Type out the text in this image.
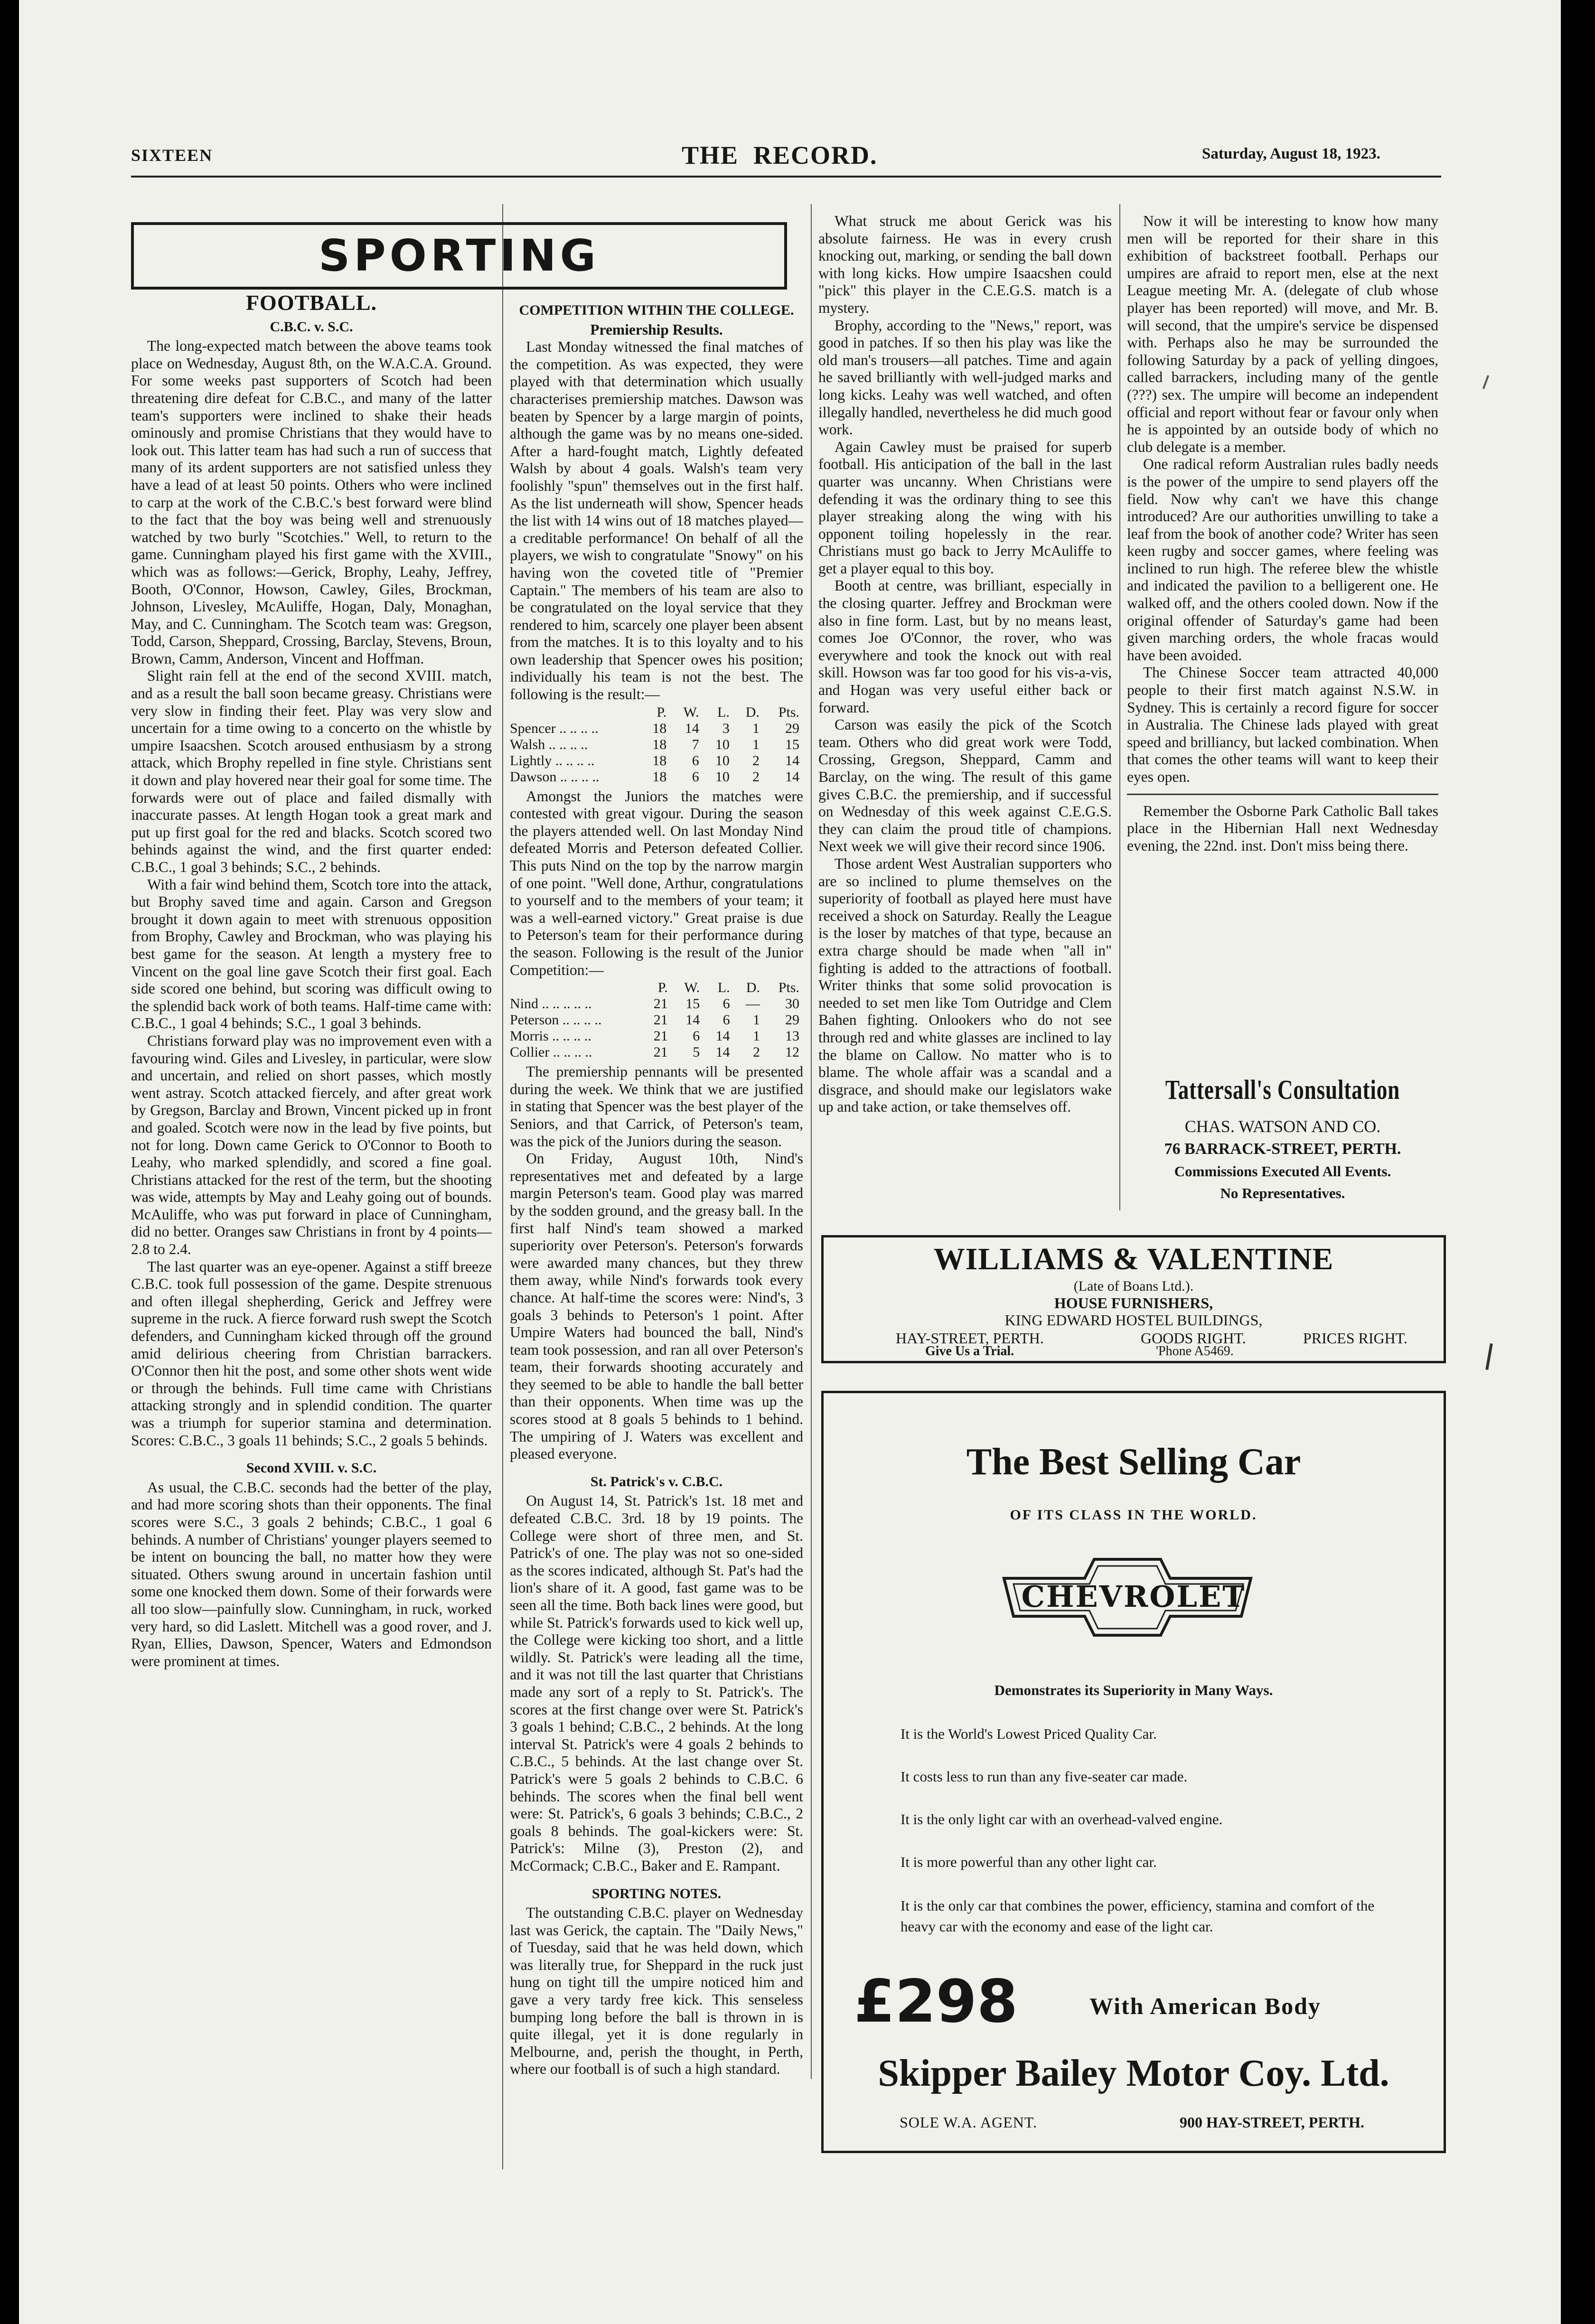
SIXTEEN	THE  RECORD.	Saturday, August 18, 1923.
SPORTING
FOOTBALL.
C.B.C. v. S.C.

The long-expected match between the above teams took place on Wednesday, August 8th, on the W.A.C.A. Ground. For some weeks past supporters of Scotch had been threatening dire defeat for C.B.C., and many of the latter team's supporters were inclined to shake their heads ominously and promise Christians that they would have to look out. This latter team has had such a run of success that many of its ardent supporters are not satisfied unless they have a lead of at least 50 points. Others who were inclined to carp at the work of the C.B.C.'s best forward were blind to the fact that the boy was being well and strenuously watched by two burly "Scotchies." Well, to return to the game. Cunningham played his first game with the XVIII., which was as follows:—Gerick, Brophy, Leahy, Jeffrey, Booth, O'Connor, Howson, Cawley, Giles, Brockman, Johnson, Livesley, McAuliffe, Hogan, Daly, Monaghan, May, and C. Cunningham. The Scotch team was: Gregson, Todd, Carson, Sheppard, Crossing, Barclay, Stevens, Broun, Brown, Camm, Anderson, Vincent and Hoffman.

Slight rain fell at the end of the second XVIII. match, and as a result the ball soon became greasy. Christians were very slow in finding their feet. Play was very slow and uncertain for a time owing to a concerto on the whistle by umpire Isaacshen. Scotch aroused enthusiasm by a strong attack, which Brophy repelled in fine style. Christians sent it down and play hovered near their goal for some time. The forwards were out of place and failed dismally with inaccurate passes. At length Hogan took a great mark and put up first goal for the red and blacks. Scotch scored two behinds against the wind, and the first quarter ended: C.B.C., 1 goal 3 behinds; S.C., 2 behinds.

With a fair wind behind them, Scotch tore into the attack, but Brophy saved time and again. Carson and Gregson brought it down again to meet with strenuous opposition from Brophy, Cawley and Brockman, who was playing his best game for the season. At length a mystery free to Vincent on the goal line gave Scotch their first goal. Each side scored one behind, but scoring was difficult owing to the splendid back work of both teams. Half-time came with: C.B.C., 1 goal 4 behinds; S.C., 1 goal 3 behinds.

Christians forward play was no improvement even with a favouring wind. Giles and Livesley, in particular, were slow and uncertain, and relied on short passes, which mostly went astray. Scotch attacked fiercely, and after great work by Gregson, Barclay and Brown, Vincent picked up in front and goaled. Scotch were now in the lead by five points, but not for long. Down came Gerick to O'Connor to Booth to Leahy, who marked splendidly, and scored a fine goal. Christians attacked for the rest of the term, but the shooting was wide, attempts by May and Leahy going out of bounds. McAuliffe, who was put forward in place of Cunningham, did no better. Oranges saw Christians in front by 4 points—2.8 to 2.4.

The last quarter was an eye-opener. Against a stiff breeze C.B.C. took full possession of the game. Despite strenuous and often illegal shepherding, Gerick and Jeffrey were supreme in the ruck. A fierce forward rush swept the Scotch defenders, and Cunningham kicked through off the ground amid delirious cheering from Christian barrackers. O'Connor then hit the post, and some other shots went wide or through the behinds. Full time came with Christians attacking strongly and in splendid condition. The quarter was a triumph for superior stamina and determination. Scores: C.B.C., 3 goals 11 behinds; S.C., 2 goals 5 behinds.

Second XVIII. v. S.C.

As usual, the C.B.C. seconds had the better of the play, and had more scoring shots than their opponents. The final scores were S.C., 3 goals 2 behinds; C.B.C., 1 goal 6 behinds. A number of Christians' younger players seemed to be intent on bouncing the ball, no matter how they were situated. Others swung around in uncertain fashion until some one knocked them down. Some of their forwards were all too slow—painfully slow. Cunningham, in ruck, worked very hard, so did Laslett. Mitchell was a good rover, and J. Ryan, Ellies, Dawson, Spencer, Waters and Edmondson were prominent at times.

COMPETITION WITHIN THE COLLEGE.
Premiership Results.

Last Monday witnessed the final matches of the competition. As was expected, they were played with that determination which usually characterises premiership matches. Dawson was beaten by Spencer by a large margin of points, although the game was by no means one-sided. After a hard-fought match, Lightly defeated Walsh by about 4 goals. Walsh's team very foolishly "spun" themselves out in the first half. As the list underneath will show, Spencer heads the list with 14 wins out of 18 matches played—a creditable performance! On behalf of all the players, we wish to congratulate "Snowy" on his having won the coveted title of "Premier Captain." The members of his team are also to be congratulated on the loyal service that they rendered to him, scarcely one player been absent from the matches. It is to this loyalty and to his own leadership that Spencer owes his position; individually his team is not the best. The following is the result:—

	P.	W.	L.	D.	Pts.
Spencer .. .. .. ..	18	14	3	1	29
Walsh .. .. .. ..	18	7	10	1	15
Lightly .. .. .. ..	18	6	10	2	14
Dawson .. .. .. ..	18	6	10	2	14

Amongst the Juniors the matches were contested with great vigour. During the season the players attended well. On last Monday Nind defeated Morris and Peterson defeated Collier. This puts Nind on the top by the narrow margin of one point. "Well done, Arthur, congratulations to yourself and to the members of your team; it was a well-earned victory." Great praise is due to Peterson's team for their performance during the season. Following is the result of the Junior Competition:—

	P.	W.	L.	D.	Pts.
Nind .. .. .. .. ..	21	15	6	—	30
Peterson .. .. .. ..	21	14	6	1	29
Morris .. .. .. ..	21	6	14	1	13
Collier .. .. .. ..	21	5	14	2	12

The premiership pennants will be presented during the week. We think that we are justified in stating that Spencer was the best player of the Seniors, and that Carrick, of Peterson's team, was the pick of the Juniors during the season.

On Friday, August 10th, Nind's representatives met and defeated by a large margin Peterson's team. Good play was marred by the sodden ground, and the greasy ball. In the first half Nind's team showed a marked superiority over Peterson's. Peterson's forwards were awarded many chances, but they threw them away, while Nind's forwards took every chance. At half-time the scores were: Nind's, 3 goals 3 behinds to Peterson's 1 point. After Umpire Waters had bounced the ball, Nind's team took possession, and ran all over Peterson's team, their forwards shooting accurately and they seemed to be able to handle the ball better than their opponents. When time was up the scores stood at 8 goals 5 behinds to 1 behind. The umpiring of J. Waters was excellent and pleased everyone.

St. Patrick's v. C.B.C.

On August 14, St. Patrick's 1st. 18 met and defeated C.B.C. 3rd. 18 by 19 points. The College were short of three men, and St. Patrick's of one. The play was not so one-sided as the scores indicated, although St. Pat's had the lion's share of it. A good, fast game was to be seen all the time. Both back lines were good, but while St. Patrick's forwards used to kick well up, the College were kicking too short, and a little wildly. St. Patrick's were leading all the time, and it was not till the last quarter that Christians made any sort of a reply to St. Patrick's. The scores at the first change over were St. Patrick's 3 goals 1 behind; C.B.C., 2 behinds. At the long interval St. Patrick's were 4 goals 2 behinds to C.B.C., 5 behinds. At the last change over St. Patrick's were 5 goals 2 behinds to C.B.C. 6 behinds. The scores when the final bell went were: St. Patrick's, 6 goals 3 behinds; C.B.C., 2 goals 8 behinds. The goal-kickers were: St. Patrick's: Milne (3), Preston (2), and McCormack; C.B.C., Baker and E. Rampant.

SPORTING NOTES.

The outstanding C.B.C. player on Wednesday last was Gerick, the captain. The "Daily News," of Tuesday, said that he was held down, which was literally true, for Sheppard in the ruck just hung on tight till the umpire noticed him and gave a very tardy free kick. This senseless bumping long before the ball is thrown in is quite illegal, yet it is done regularly in Melbourne, and, perish the thought, in Perth, where our football is of such a high standard.

What struck me about Gerick was his absolute fairness. He was in every crush knocking out, marking, or sending the ball down with long kicks. How umpire Isaacshen could "pick" this player in the C.E.G.S. match is a mystery.

Brophy, according to the "News," report, was good in patches. If so then his play was like the old man's trousers—all patches. Time and again he saved brilliantly with well-judged marks and long kicks. Leahy was well watched, and often illegally handled, nevertheless he did much good work.

Again Cawley must be praised for superb football. His anticipation of the ball in the last quarter was uncanny. When Christians were defending it was the ordinary thing to see this player streaking along the wing with his opponent toiling hopelessly in the rear. Christians must go back to Jerry McAuliffe to get a player equal to this boy.

Booth at centre, was brilliant, especially in the closing quarter. Jeffrey and Brockman were also in fine form. Last, but by no means least, comes Joe O'Connor, the rover, who was everywhere and took the knock out with real skill. Howson was far too good for his vis-a-vis, and Hogan was very useful either back or forward.

Carson was easily the pick of the Scotch team. Others who did great work were Todd, Crossing, Gregson, Sheppard, Camm and Barclay, on the wing. The result of this game gives C.B.C. the premiership, and if successful on Wednesday of this week against C.E.G.S. they can claim the proud title of champions. Next week we will give their record since 1906.

Those ardent West Australian supporters who are so inclined to plume themselves on the superiority of football as played here must have received a shock on Saturday. Really the League is the loser by matches of that type, because an extra charge should be made when "all in" fighting is added to the attractions of football. Writer thinks that some solid provocation is needed to set men like Tom Outridge and Clem Bahen fighting. Onlookers who do not see through red and white glasses are inclined to lay the blame on Callow. No matter who is to blame. The whole affair was a scandal and a disgrace, and should make our legislators wake up and take action, or take themselves off.

Now it will be interesting to know how many men will be reported for their share in this exhibition of backstreet football. Perhaps our umpires are afraid to report men, else at the next League meeting Mr. A. (delegate of club whose player has been reported) will move, and Mr. B. will second, that the umpire's service be dispensed with. Perhaps also he may be surrounded the following Saturday by a pack of yelling dingoes, called barrackers, including many of the gentle (???) sex. The umpire will become an independent official and report without fear or favour only when he is appointed by an outside body of which no club delegate is a member.

One radical reform Australian rules badly needs is the power of the umpire to send players off the field. Now why can't we have this change introduced? Are our authorities unwilling to take a leaf from the book of another code? Writer has seen keen rugby and soccer games, where feeling was inclined to run high. The referee blew the whistle and indicated the pavilion to a belligerent one. He walked off, and the others cooled down. Now if the original offender of Saturday's game had been given marching orders, the whole fracas would have been avoided.

The Chinese Soccer team attracted 40,000 people to their first match against N.S.W. in Sydney. This is certainly a record figure for soccer in Australia. The Chinese lads played with great speed and brilliancy, but lacked combination. When that comes the other teams will want to keep their eyes open.

Remember the Osborne Park Catholic Ball takes place in the Hibernian Hall next Wednesday evening, the 22nd. inst. Don't miss being there.

Tattersall's Consultation
CHAS. WATSON AND CO.
76 BARRACK-STREET, PERTH.
Commissions Executed All Events.
No Representatives.
WILLIAMS & VALENTINE
(Late of Boans Ltd.).
HOUSE FURNISHERS,
KING EDWARD HOSTEL BUILDINGS,
HAY-STREET, PERTH.	GOODS RIGHT.	PRICES RIGHT.
Give Us a Trial.	'Phone A5469.
The Best Selling Car
OF ITS CLASS IN THE WORLD.
CHEVROLET
Demonstrates its Superiority in Many Ways.
It is the World's Lowest Priced Quality Car.
It costs less to run than any five-seater car made.
It is the only light car with an overhead-valved engine.
It is more powerful than any other light car.
It is the only car that combines the power, efficiency, stamina and comfort of the heavy car with the economy and ease of the light car.
£298	With American Body
Skipper Bailey Motor Coy. Ltd.
SOLE W.A. AGENT.	900 HAY-STREET, PERTH.
